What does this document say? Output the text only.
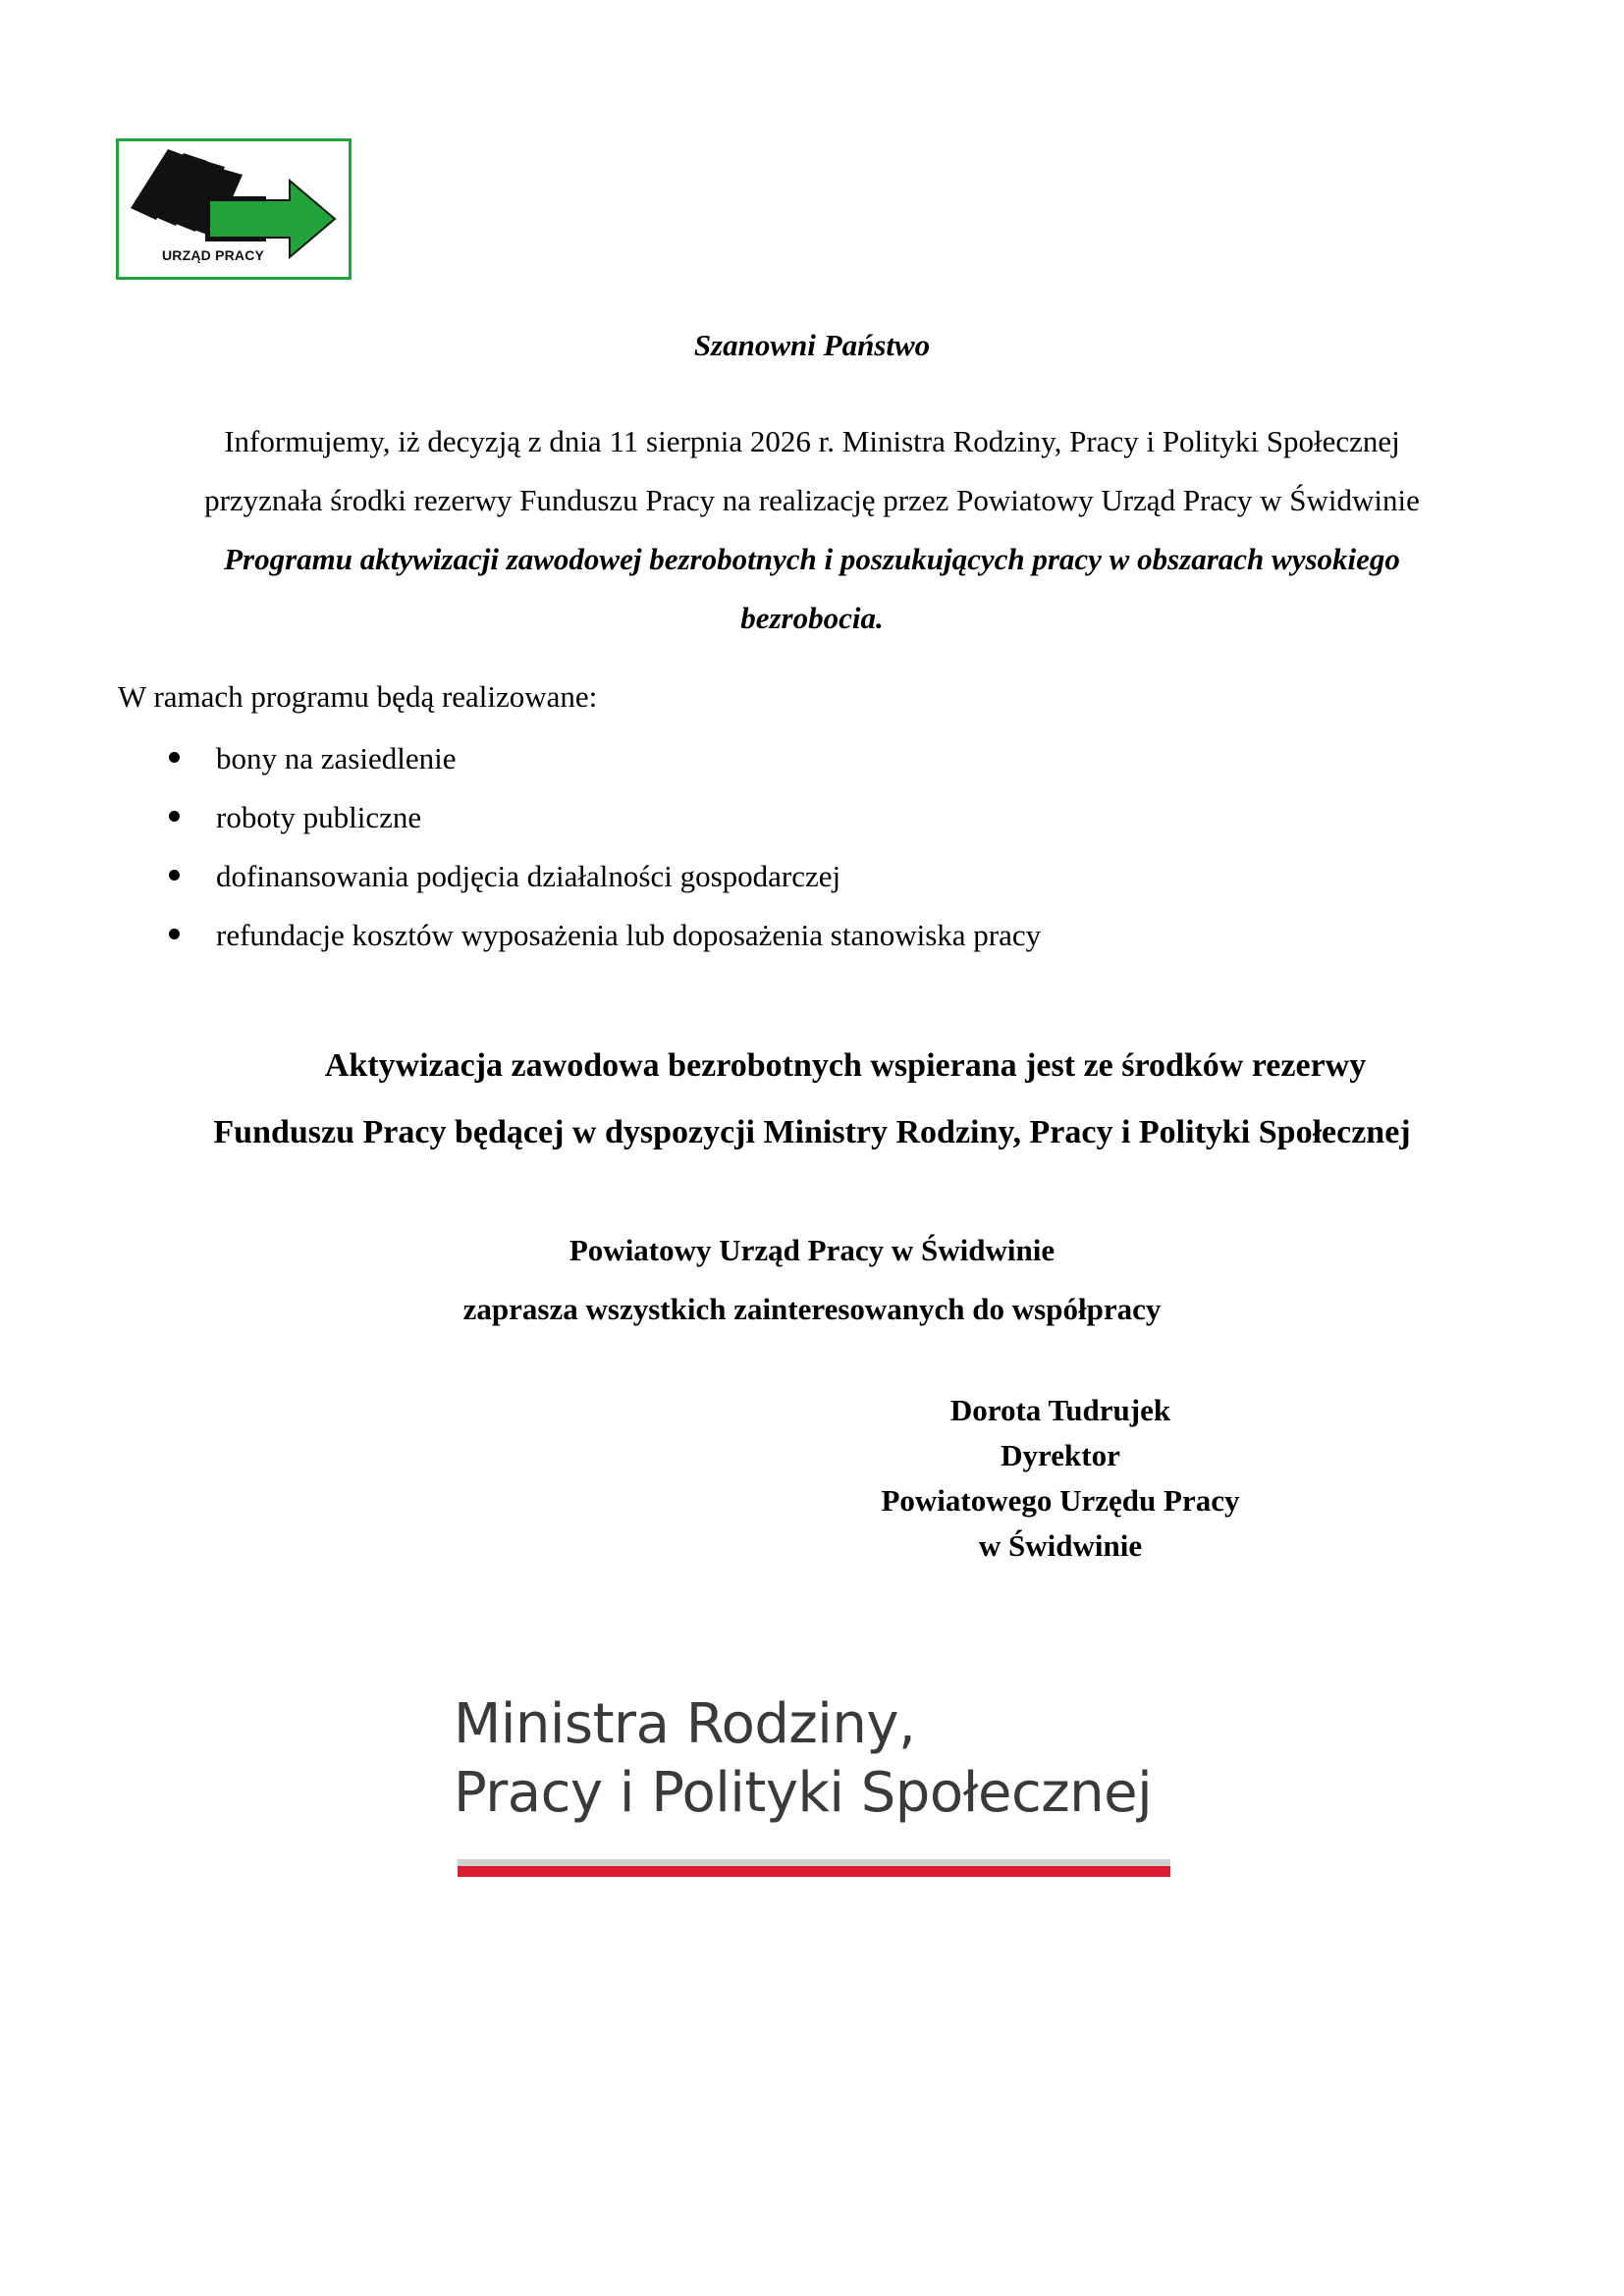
URZĄD PRACY
Szanowni Państwo

Informujemy, iż decyzją z dnia 11 sierpnia 2026 r. Ministra Rodziny, Pracy i Polityki Społecznej

przyznała środki rezerwy Funduszu Pracy na realizację przez Powiatowy Urząd Pracy w Świdwinie

Programu aktywizacji zawodowej bezrobotnych i poszukujących pracy w obszarach wysokiego

bezrobocia.

W ramach programu będą realizowane:
bony na zasiedlenie
roboty publiczne
dofinansowania podjęcia działalności gospodarczej
refundacje kosztów wyposażenia lub doposażenia stanowiska pracy

Aktywizacja zawodowa bezrobotnych wspierana jest ze środków rezerwy

Funduszu Pracy będącej w dyspozycji Ministry Rodziny, Pracy i Polityki Społecznej

Powiatowy Urząd Pracy w Świdwinie

zaprasza wszystkich zainteresowanych do współpracy

Dorota Tudrujek

Dyrektor

Powiatowego Urzędu Pracy

w Świdwinie

Ministra Rodziny,

Pracy i Polityki Społecznej
